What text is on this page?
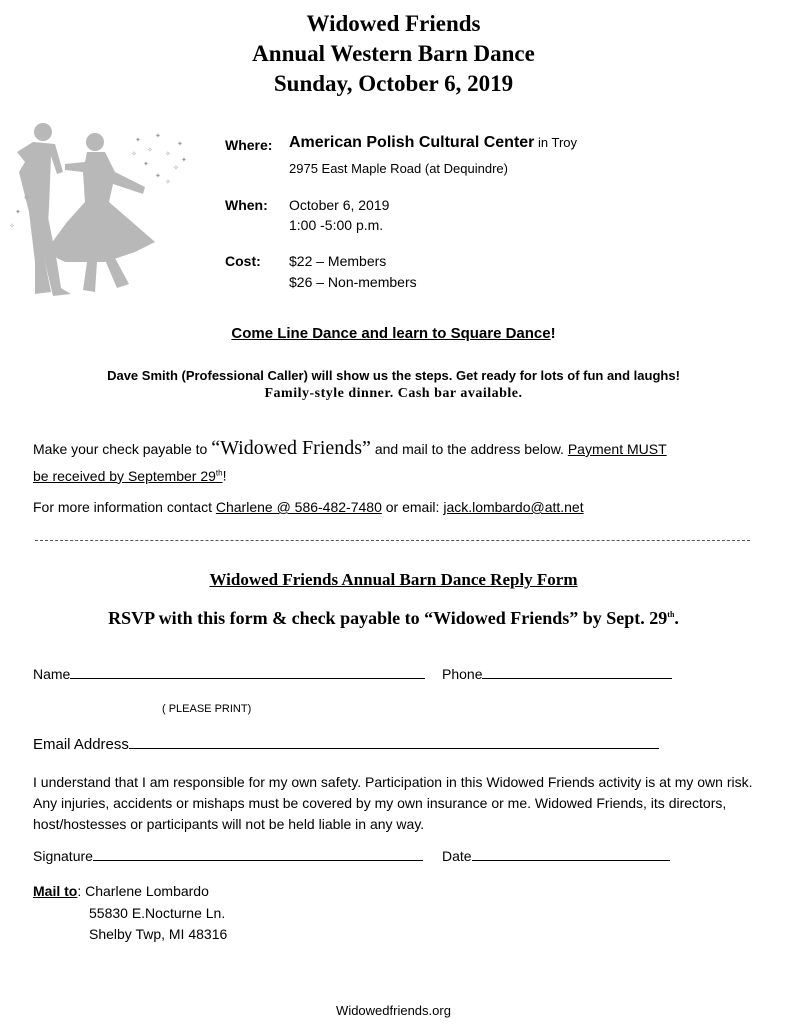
Widowed Friends
Annual Western Barn Dance
Sunday, October 6, 2019
✦
✧
✦
✧
✦	✧
✦
✦
✧
✦
✧
✧
✧
✦
Where: American Polish Cultural Center in Troy
2975 East Maple Road (at Dequindre)
When: October 6, 2019
1:00 -5:00 p.m.
Cost: $22 – Members
$26 – Non-members
Come Line Dance and learn to Square Dance!
Dave Smith (Professional Caller) will show us the steps. Get ready for lots of fun and laughs!
Family-style dinner. Cash bar available.
Make your check payable to “Widowed Friends” and mail to the address below. Payment MUST
be received by September 29th!
For more information contact Charlene @ 586-482-7480 or email: jack.lombardo@att.net
Widowed Friends Annual Barn Dance Reply Form
RSVP with this form & check payable to “Widowed Friends” by Sept. 29th.
Name	Phone
( PLEASE PRINT)
Email Address
I understand that I am responsible for my own safety. Participation in this Widowed Friends activity is at my own risk. Any injuries, accidents or mishaps must be covered by my own insurance or me. Widowed Friends, its directors, host/hostesses or participants will not be held liable in any way.
Signature	Date
Mail to: Charlene Lombardo
55830 E.Nocturne Ln.
Shelby Twp, MI 48316
Widowedfriends.org
